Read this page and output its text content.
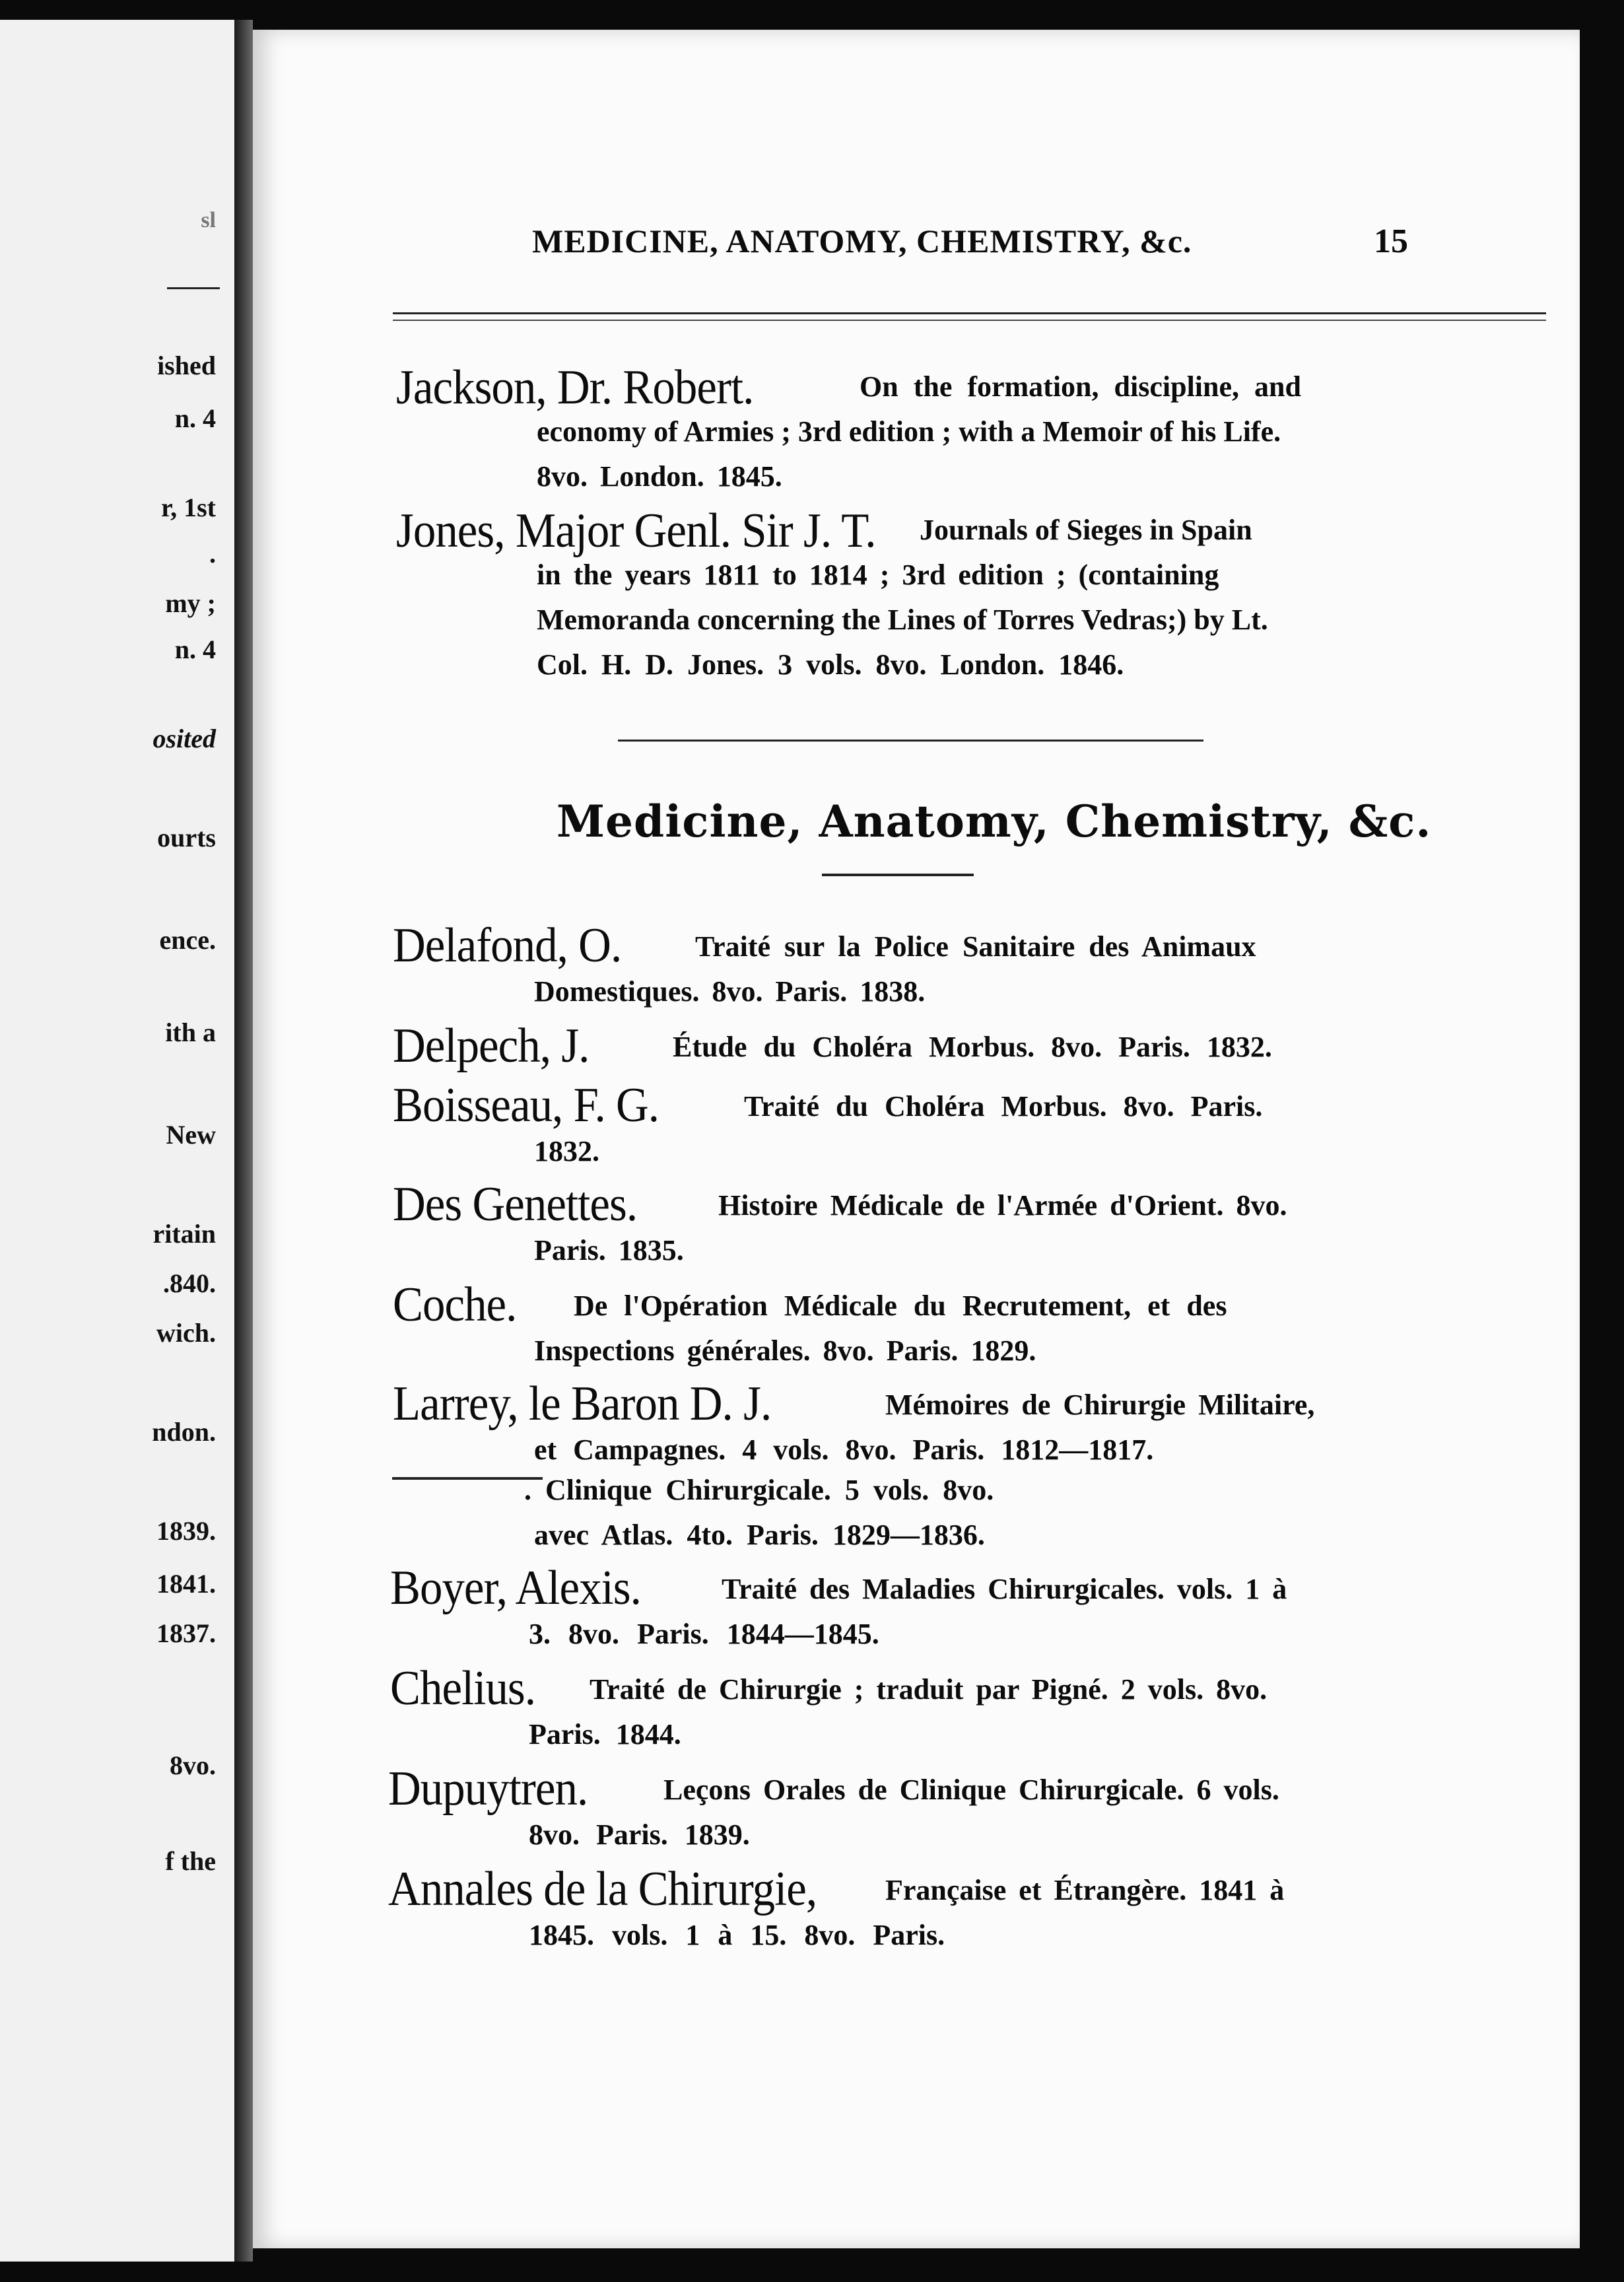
sl
ished
n. 4
r, 1st
.
my ;
n. 4
osited
ourts
ence.
ith a
New
ritain
.840.
wich.
ndon.
1839.
1841.
1837.
8vo.
f the
MEDICINE, ANATOMY, CHEMISTRY, &c.	15
Jackson, Dr. Robert.	On the formation, discipline, and
economy of Armies ; 3rd edition ; with a Memoir of his Life.
8vo. London. 1845.
Jones, Major Genl. Sir J. T. Journals of Sieges in Spain
in the years 1811 to 1814 ; 3rd edition ; (containing
Memoranda concerning the Lines of Torres Vedras;) by Lt.
Col. H. D. Jones. 3 vols. 8vo. London. 1846.
Medicine, Anatomy, Chemistry, &c.
Delafond, O.	Traité sur la Police Sanitaire des Animaux
Domestiques. 8vo. Paris. 1838.
Delpech, J.	Étude du Choléra Morbus. 8vo. Paris. 1832.
Boisseau, F. G.	Traité du Choléra Morbus. 8vo. Paris.
1832.
Des Genettes.	Histoire Médicale de l'Armée d'Orient. 8vo.
Paris. 1835.
Coche. De l'Opération Médicale du Recrutement, et des
Inspections générales. 8vo. Paris. 1829.
Larrey, le Baron D. J.	Mémoires de Chirurgie Militaire,
et Campagnes. 4 vols. 8vo. Paris. 1812—1817.
. Clinique Chirurgicale. 5 vols. 8vo.
avec Atlas. 4to. Paris. 1829—1836.
Boyer, Alexis.	Traité des Maladies Chirurgicales. vols. 1 à
3. 8vo. Paris. 1844—1845.
Chelius. Traité de Chirurgie ; traduit par Pigné. 2 vols. 8vo.
Paris. 1844.
Dupuytren.	Leçons Orales de Clinique Chirurgicale. 6 vols.
8vo. Paris. 1839.
Annales de la Chirurgie, Française et Étrangère. 1841 à
1845. vols. 1 à 15. 8vo. Paris.
